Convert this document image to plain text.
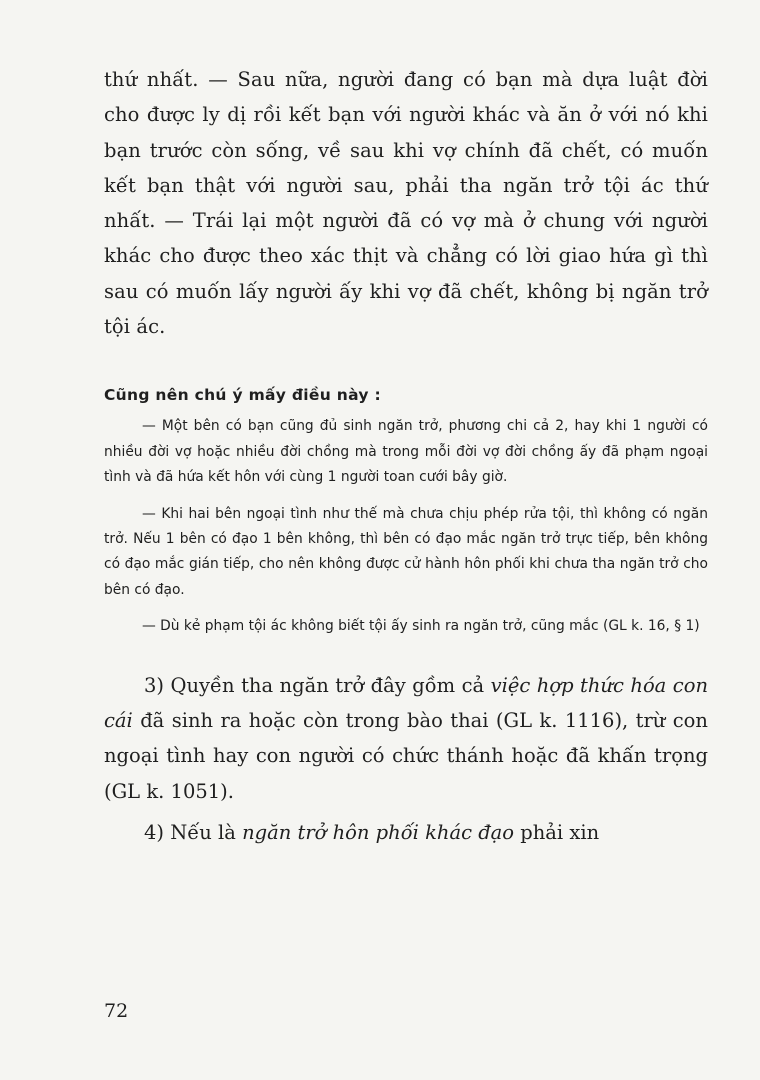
thứ nhất. — Sau nữa, người đang có bạn mà dựa luật đời cho được ly dị rồi kết bạn với người khác và ăn ở với nó khi bạn trước còn sống, về sau khi vợ chính đã chết, có muốn kết bạn thật với người sau, phải tha ngăn trở tội ác thứ nhất. — Trái lại một người đã có vợ mà ở chung với người khác cho được theo xác thịt và chẳng có lời giao hứa gì thì sau có muốn lấy người ấy khi vợ đã chết, không bị ngăn trở tội ác.

Cũng nên chú ý mấy điều này :

— Một bên có bạn cũng đủ sinh ngăn trở, phương chi cả 2, hay khi 1 người có nhiều đời vợ hoặc nhiều đời chồng mà trong mỗi đời vợ đời chồng ấy đã phạm ngoại tình và đã hứa kết hôn với cùng 1 người toan cưới bây giờ.

— Khi hai bên ngoại tình như thế mà chưa chịu phép rửa tội, thì không có ngăn trở. Nếu 1 bên có đạo 1 bên không, thì bên có đạo mắc ngăn trở trực tiếp, bên không có đạo mắc gián tiếp, cho nên không được cử hành hôn phối khi chưa tha ngăn trở cho bên có đạo.

— Dù kẻ phạm tội ác không biết tội ấy sinh ra ngăn trở, cũng mắc (GL k. 16, § 1)

3) Quyền tha ngăn trở đây gồm cả việc hợp thức hóa con cái đã sinh ra hoặc còn trong bào thai (GL k. 1116), trừ con ngoại tình hay con người có chức thánh hoặc đã khấn trọng (GL k. 1051).

4) Nếu là ngăn trở hôn phối khác đạo phải xin

72
